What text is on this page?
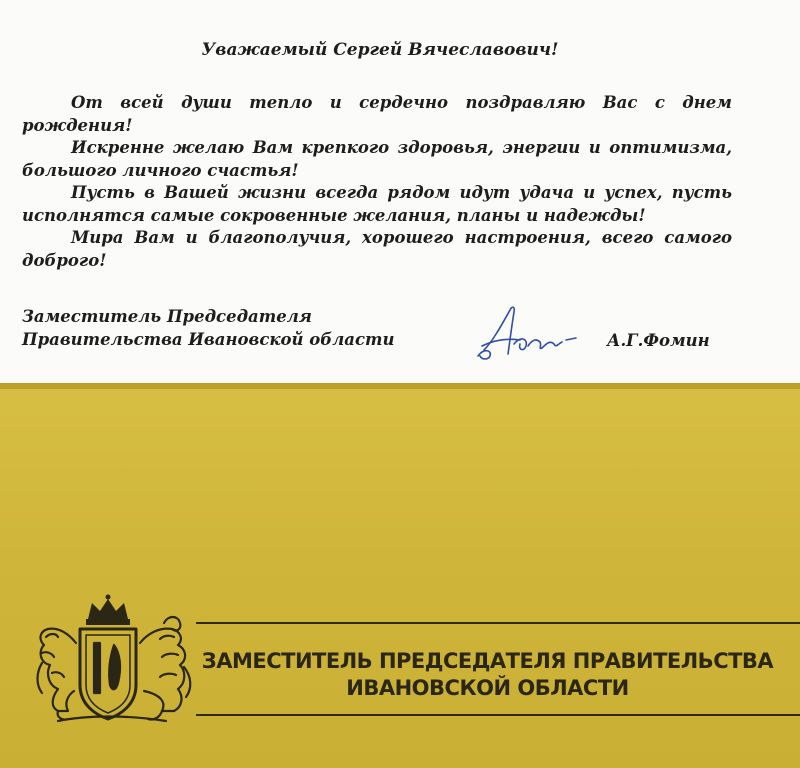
Уважаемый Сергей Вячеславович!

От всей души тепло и сердечно поздравляю Вас с днем рождения!

Искренне желаю Вам крепкого здоровья, энергии и оптимизма, большого личного счастья!

Пусть в Вашей жизни всегда рядом идут удача и успех, пусть исполнятся самые сокровенные желания, планы и надежды!

Мира Вам и благополучия, хорошего настроения, всего самого доброго!

Заместитель Председателя
Правительства Ивановской области	А.Г.Фомин
ЗАМЕСТИТЕЛЬ ПРЕДСЕДАТЕЛЯ ПРАВИТЕЛЬСТВА
ИВАНОВСКОЙ ОБЛАСТИ
